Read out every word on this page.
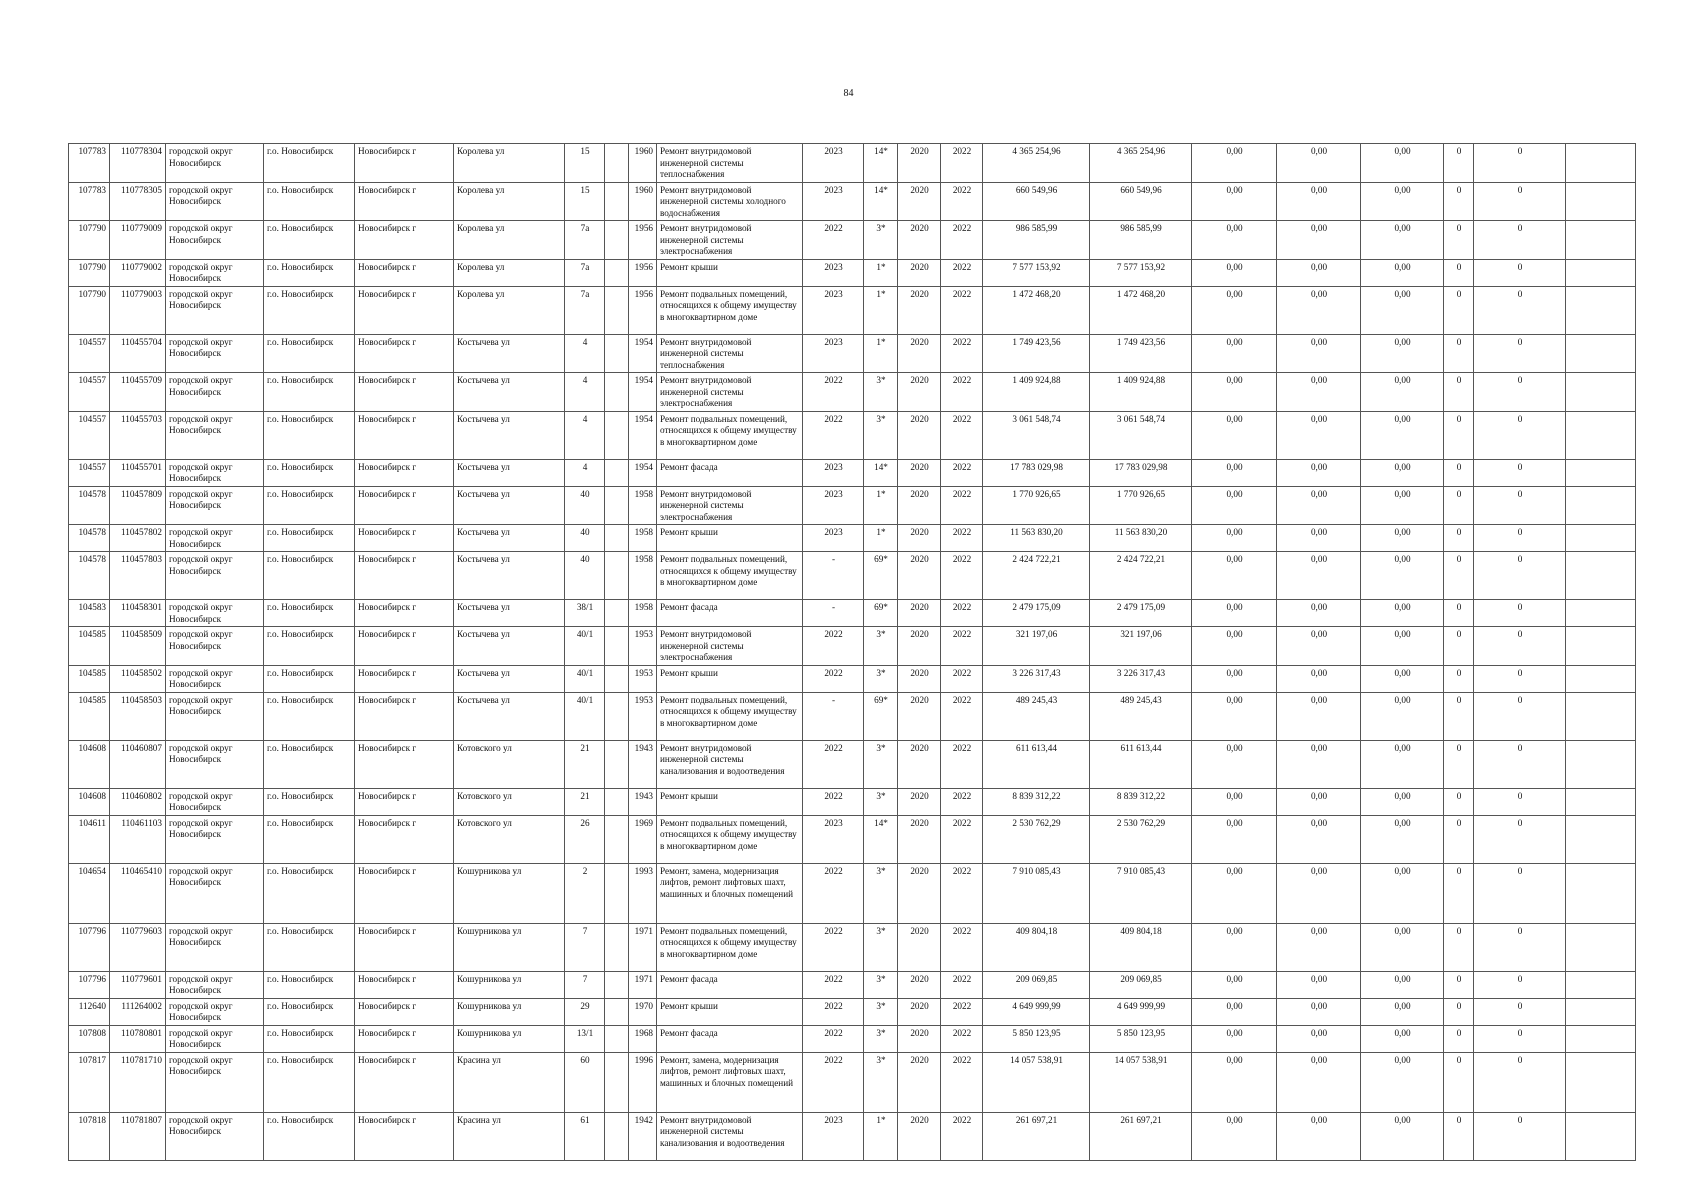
84
107783	110778304	городской округ Новосибирск	г.о. Новосибирск	Новосибирск г	Королева ул	15		1960	Ремонт внутридомовой инженерной системы теплоснабжения	2023	14*	2020	2022	4 365 254,96	4 365 254,96	0,00	0,00	0,00	0	0	
107783	110778305	городской округ Новосибирск	г.о. Новосибирск	Новосибирск г	Королева ул	15		1960	Ремонт внутридомовой инженерной системы холодного водоснабжения	2023	14*	2020	2022	660 549,96	660 549,96	0,00	0,00	0,00	0	0	
107790	110779009	городской округ Новосибирск	г.о. Новосибирск	Новосибирск г	Королева ул	7а		1956	Ремонт внутридомовой инженерной системы электроснабжения	2022	3*	2020	2022	986 585,99	986 585,99	0,00	0,00	0,00	0	0	
107790	110779002	городской округ Новосибирск	г.о. Новосибирск	Новосибирск г	Королева ул	7а		1956	Ремонт крыши	2023	1*	2020	2022	7 577 153,92	7 577 153,92	0,00	0,00	0,00	0	0	
107790	110779003	городской округ Новосибирск	г.о. Новосибирск	Новосибирск г	Королева ул	7а		1956	Ремонт подвальных помещений, относящихся к общему имуществу в многоквартирном доме	2023	1*	2020	2022	1 472 468,20	1 472 468,20	0,00	0,00	0,00	0	0	
104557	110455704	городской округ Новосибирск	г.о. Новосибирск	Новосибирск г	Костычева ул	4		1954	Ремонт внутридомовой инженерной системы теплоснабжения	2023	1*	2020	2022	1 749 423,56	1 749 423,56	0,00	0,00	0,00	0	0	
104557	110455709	городской округ Новосибирск	г.о. Новосибирск	Новосибирск г	Костычева ул	4		1954	Ремонт внутридомовой инженерной системы электроснабжения	2022	3*	2020	2022	1 409 924,88	1 409 924,88	0,00	0,00	0,00	0	0	
104557	110455703	городской округ Новосибирск	г.о. Новосибирск	Новосибирск г	Костычева ул	4		1954	Ремонт подвальных помещений, относящихся к общему имуществу в многоквартирном доме	2022	3*	2020	2022	3 061 548,74	3 061 548,74	0,00	0,00	0,00	0	0	
104557	110455701	городской округ Новосибирск	г.о. Новосибирск	Новосибирск г	Костычева ул	4		1954	Ремонт фасада	2023	14*	2020	2022	17 783 029,98	17 783 029,98	0,00	0,00	0,00	0	0	
104578	110457809	городской округ Новосибирск	г.о. Новосибирск	Новосибирск г	Костычева ул	40		1958	Ремонт внутридомовой инженерной системы электроснабжения	2023	1*	2020	2022	1 770 926,65	1 770 926,65	0,00	0,00	0,00	0	0	
104578	110457802	городской округ Новосибирск	г.о. Новосибирск	Новосибирск г	Костычева ул	40		1958	Ремонт крыши	2023	1*	2020	2022	11 563 830,20	11 563 830,20	0,00	0,00	0,00	0	0	
104578	110457803	городской округ Новосибирск	г.о. Новосибирск	Новосибирск г	Костычева ул	40		1958	Ремонт подвальных помещений, относящихся к общему имуществу в многоквартирном доме	-	69*	2020	2022	2 424 722,21	2 424 722,21	0,00	0,00	0,00	0	0	
104583	110458301	городской округ Новосибирск	г.о. Новосибирск	Новосибирск г	Костычева ул	38/1		1958	Ремонт фасада	-	69*	2020	2022	2 479 175,09	2 479 175,09	0,00	0,00	0,00	0	0	
104585	110458509	городской округ Новосибирск	г.о. Новосибирск	Новосибирск г	Костычева ул	40/1		1953	Ремонт внутридомовой инженерной системы электроснабжения	2022	3*	2020	2022	321 197,06	321 197,06	0,00	0,00	0,00	0	0	
104585	110458502	городской округ Новосибирск	г.о. Новосибирск	Новосибирск г	Костычева ул	40/1		1953	Ремонт крыши	2022	3*	2020	2022	3 226 317,43	3 226 317,43	0,00	0,00	0,00	0	0	
104585	110458503	городской округ Новосибирск	г.о. Новосибирск	Новосибирск г	Костычева ул	40/1		1953	Ремонт подвальных помещений, относящихся к общему имуществу в многоквартирном доме	-	69*	2020	2022	489 245,43	489 245,43	0,00	0,00	0,00	0	0	
104608	110460807	городской округ Новосибирск	г.о. Новосибирск	Новосибирск г	Котовского ул	21		1943	Ремонт внутридомовой инженерной системы канализования и водоотведения	2022	3*	2020	2022	611 613,44	611 613,44	0,00	0,00	0,00	0	0	
104608	110460802	городской округ Новосибирск	г.о. Новосибирск	Новосибирск г	Котовского ул	21		1943	Ремонт крыши	2022	3*	2020	2022	8 839 312,22	8 839 312,22	0,00	0,00	0,00	0	0	
104611	110461103	городской округ Новосибирск	г.о. Новосибирск	Новосибирск г	Котовского ул	26		1969	Ремонт подвальных помещений, относящихся к общему имуществу в многоквартирном доме	2023	14*	2020	2022	2 530 762,29	2 530 762,29	0,00	0,00	0,00	0	0	
104654	110465410	городской округ Новосибирск	г.о. Новосибирск	Новосибирск г	Кошурникова ул	2		1993	Ремонт, замена, модернизация лифтов, ремонт лифтовых шахт, машинных и блочных помещений	2022	3*	2020	2022	7 910 085,43	7 910 085,43	0,00	0,00	0,00	0	0	
107796	110779603	городской округ Новосибирск	г.о. Новосибирск	Новосибирск г	Кошурникова ул	7		1971	Ремонт подвальных помещений, относящихся к общему имуществу в многоквартирном доме	2022	3*	2020	2022	409 804,18	409 804,18	0,00	0,00	0,00	0	0	
107796	110779601	городской округ Новосибирск	г.о. Новосибирск	Новосибирск г	Кошурникова ул	7		1971	Ремонт фасада	2022	3*	2020	2022	209 069,85	209 069,85	0,00	0,00	0,00	0	0	
112640	111264002	городской округ Новосибирск	г.о. Новосибирск	Новосибирск г	Кошурникова ул	29		1970	Ремонт крыши	2022	3*	2020	2022	4 649 999,99	4 649 999,99	0,00	0,00	0,00	0	0	
107808	110780801	городской округ Новосибирск	г.о. Новосибирск	Новосибирск г	Кошурникова ул	13/1		1968	Ремонт фасада	2022	3*	2020	2022	5 850 123,95	5 850 123,95	0,00	0,00	0,00	0	0	
107817	110781710	городской округ Новосибирск	г.о. Новосибирск	Новосибирск г	Красина ул	60		1996	Ремонт, замена, модернизация лифтов, ремонт лифтовых шахт, машинных и блочных помещений	2022	3*	2020	2022	14 057 538,91	14 057 538,91	0,00	0,00	0,00	0	0	
107818	110781807	городской округ Новосибирск	г.о. Новосибирск	Новосибирск г	Красина ул	61		1942	Ремонт внутридомовой инженерной системы канализования и водоотведения	2023	1*	2020	2022	261 697,21	261 697,21	0,00	0,00	0,00	0	0	
